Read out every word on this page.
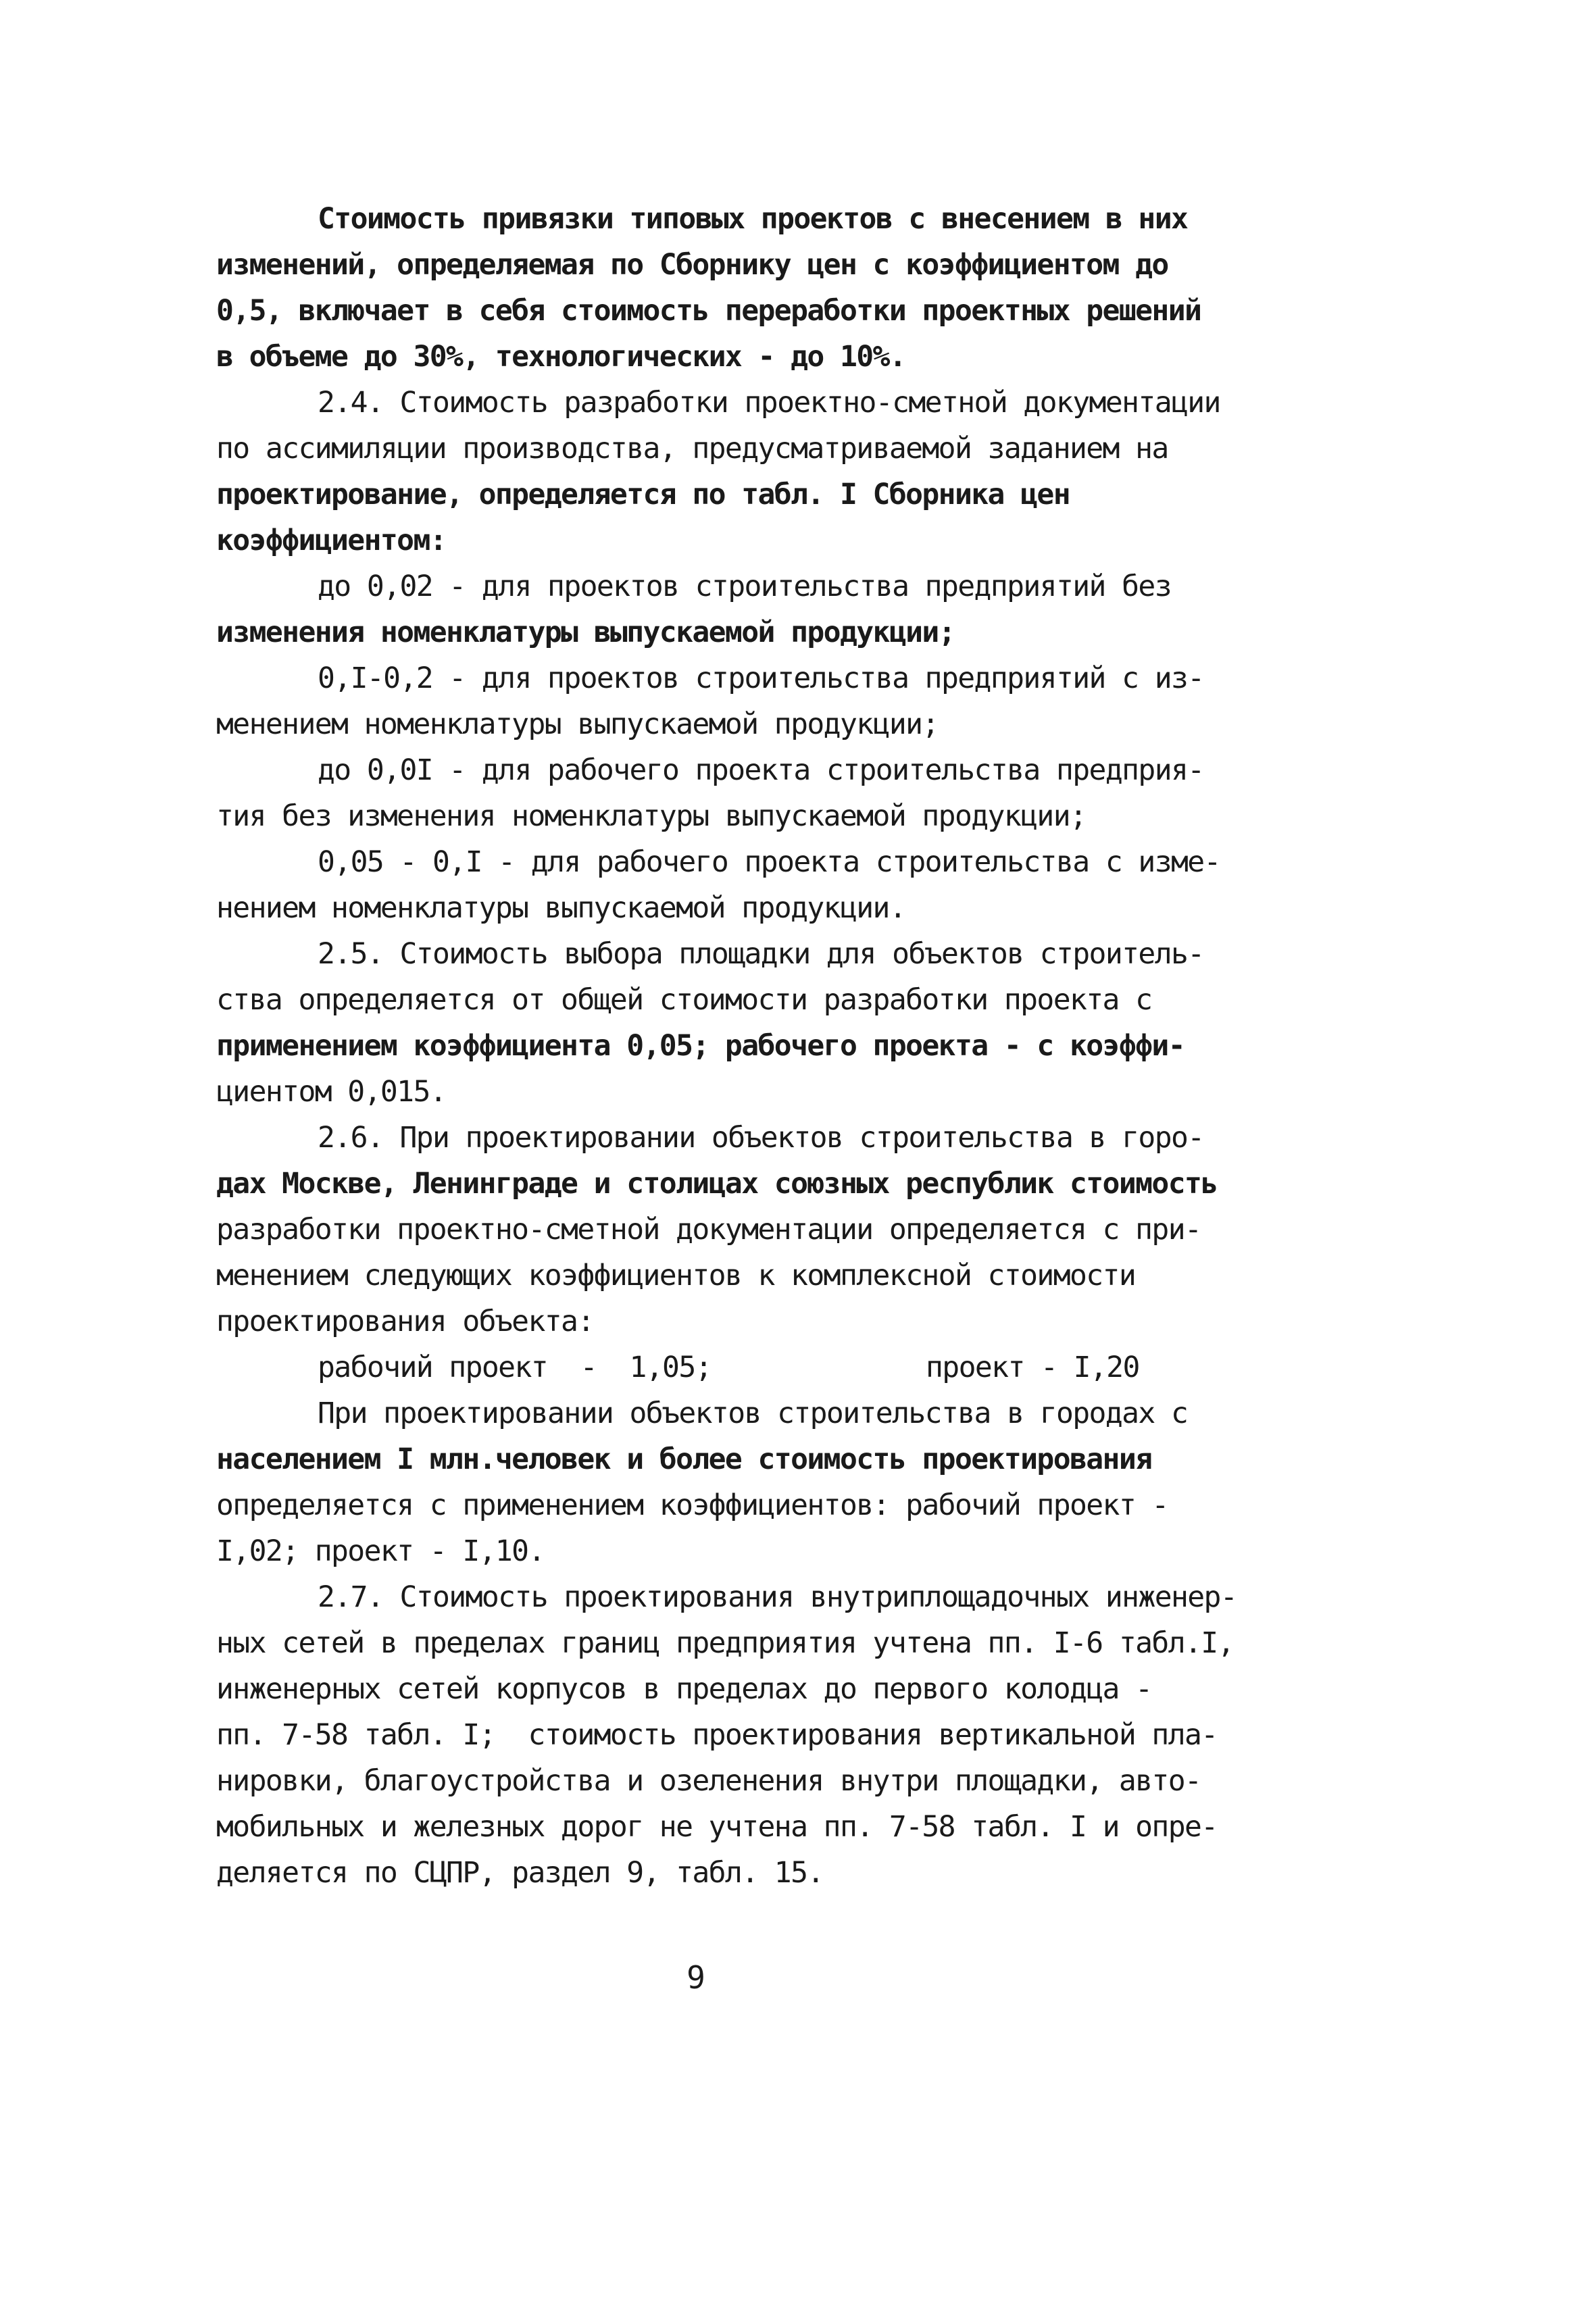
Стоимость привязки типовых проектов с внесением в них
изменений, определяемая по Сборнику цен с коэффициентом до
0,5, включает в себя стоимость переработки проектных решений
в объеме до 30%, технологических - до 10%.
2.4. Стоимость разработки проектно-сметной документации
по ассимиляции производства, предусматриваемой заданием на
проектирование, определяется по табл. I Сборника цен
коэффициентом:
до 0,02 - для проектов строительства предприятий без
изменения номенклатуры выпускаемой продукции;
0,I-0,2 - для проектов строительства предприятий с из-
менением номенклатуры выпускаемой продукции;
до 0,0I - для рабочего проекта строительства предприя-
тия без изменения номенклатуры выпускаемой продукции;
0,05 - 0,I - для рабочего проекта строительства с изме-
нением номенклатуры выпускаемой продукции.
2.5. Стоимость выбора площадки для объектов строитель-
ства определяется от общей стоимости разработки проекта с
применением коэффициента 0,05; рабочего проекта - с коэффи-
циентом 0,015.
2.6. При проектировании объектов строительства в горо-
дах Москве, Ленинграде и столицах союзных республик стоимость
разработки проектно-сметной документации определяется с при-
менением следующих коэффициентов к комплексной стоимости
проектирования объекта:
рабочий проект  -  1,05;	проект - I,20
При проектировании объектов строительства в городах с
населением I млн.человек и более стоимость проектирования
определяется с применением коэффициентов: рабочий проект -
I,02; проект - I,10.
2.7. Стоимость проектирования внутриплощадочных инженер-
ных сетей в пределах границ предприятия учтена пп. I-6 табл.I,
инженерных сетей корпусов в пределах до первого колодца -
пп. 7-58 табл. I;  стоимость проектирования вертикальной пла-
нировки, благоустройства и озеленения внутри площадки, авто-
мобильных и железных дорог не учтена пп. 7-58 табл. I и опре-
деляется по СЦПР, раздел 9, табл. 15.
9
